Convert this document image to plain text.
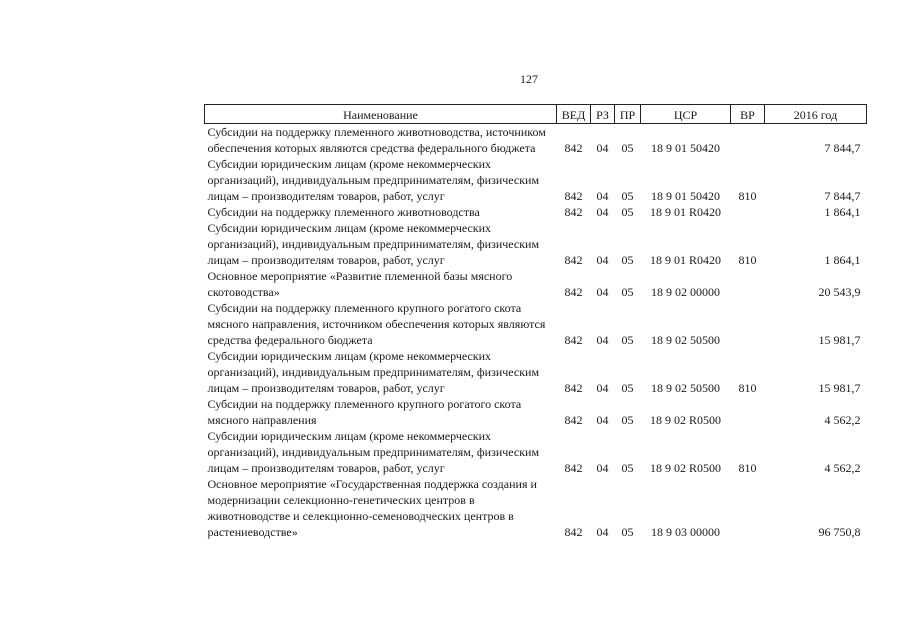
127
Наименование	ВЕД	РЗ	ПР	ЦСР	ВР	2016 год
Субсидии на поддержку племенного животноводства, источником обеспечения которых являются средства федерального бюджета	842	04	05	18 9 01 50420		7 844,7
Субсидии юридическим лицам (кроме некоммерческих организаций), индивидуальным предпринимателям, физическим лицам – производителям товаров, работ, услуг	842	04	05	18 9 01 50420	810	7 844,7
Субсидии на поддержку племенного животноводства	842	04	05	18 9 01 R0420		1 864,1
Субсидии юридическим лицам (кроме некоммерческих организаций), индивидуальным предпринимателям, физическим лицам – производителям товаров, работ, услуг	842	04	05	18 9 01 R0420	810	1 864,1
Основное мероприятие «Развитие племенной базы мясного скотоводства»	842	04	05	18 9 02 00000		20 543,9
Субсидии на поддержку племенного крупного рогатого скота мясного направления, источником обеспечения которых являются средства федерального бюджета	842	04	05	18 9 02 50500		15 981,7
Субсидии юридическим лицам (кроме некоммерческих организаций), индивидуальным предпринимателям, физическим лицам – производителям товаров, работ, услуг	842	04	05	18 9 02 50500	810	15 981,7
Субсидии на поддержку племенного крупного рогатого скота мясного направления	842	04	05	18 9 02 R0500		4 562,2
Субсидии юридическим лицам (кроме некоммерческих организаций), индивидуальным предпринимателям, физическим лицам – производителям товаров, работ, услуг	842	04	05	18 9 02 R0500	810	4 562,2
Основное мероприятие «Государственная поддержка создания и модернизации селекционно-генетических центров в животноводстве и селекционно-семеноводческих центров в растениеводстве»	842	04	05	18 9 03 00000		96 750,8
